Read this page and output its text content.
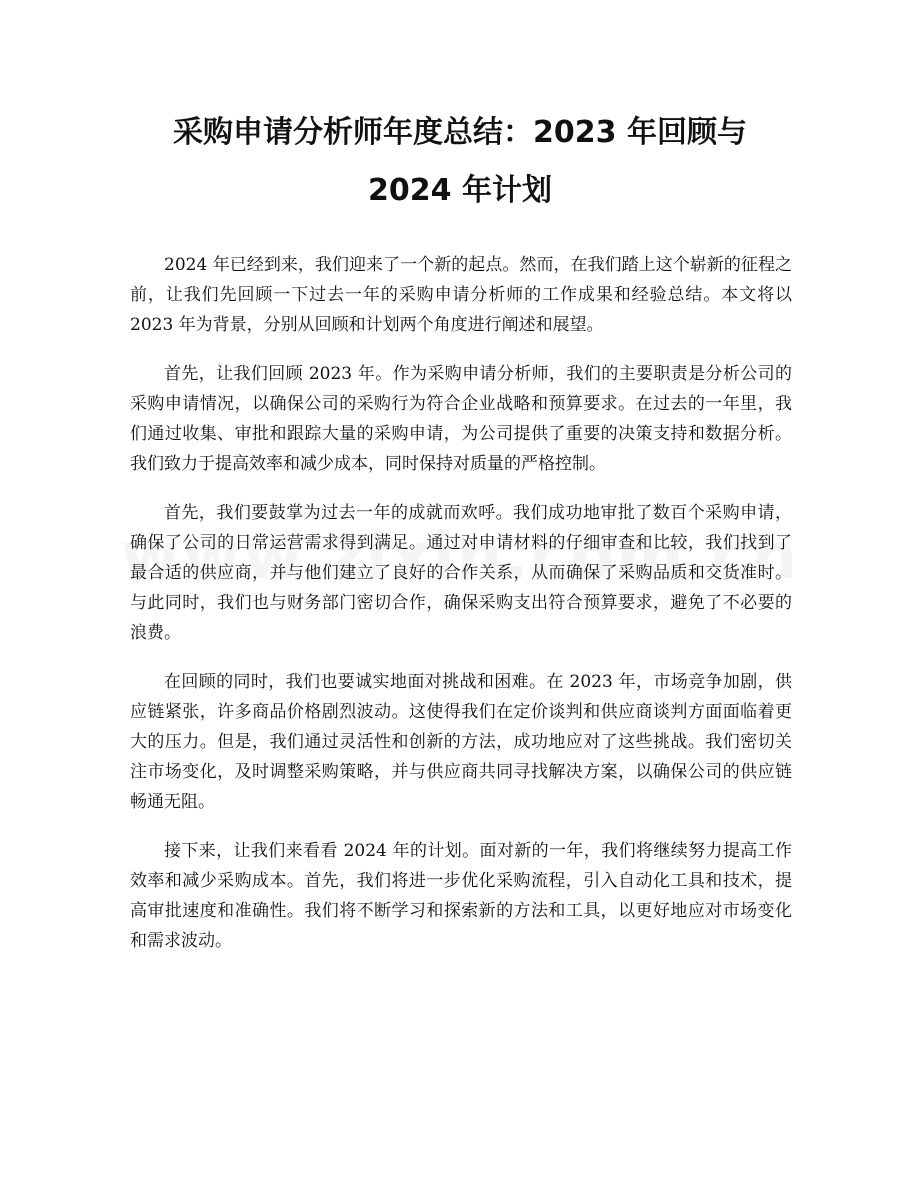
采购申请分析师年度总结：2023 年回顾与
2024 年计划

2024 年已经到来，我们迎来了一个新的起点。然而，在我们踏上这个崭新的征程之前，让我们先回顾一下过去一年的采购申请分析师的工作成果和经验总结。本文将以 2023 年为背景，分别从回顾和计划两个角度进行阐述和展望。

首先，让我们回顾 2023 年。作为采购申请分析师，我们的主要职责是分析公司的采购申请情况，以确保公司的采购行为符合企业战略和预算要求。在过去的一年里，我们通过收集、审批和跟踪大量的采购申请，为公司提供了重要的决策支持和数据分析。我们致力于提高效率和减少成本，同时保持对质量的严格控制。

首先，我们要鼓掌为过去一年的成就而欢呼。我们成功地审批了数百个采购申请，确保了公司的日常运营需求得到满足。通过对申请材料的仔细审查和比较，我们找到了最合适的供应商，并与他们建立了良好的合作关系，从而确保了采购品质和交货准时。与此同时，我们也与财务部门密切合作，确保采购支出符合预算要求，避免了不必要的浪费。

在回顾的同时，我们也要诚实地面对挑战和困难。在 2023 年，市场竞争加剧，供应链紧张，许多商品价格剧烈波动。这使得我们在定价谈判和供应商谈判方面面临着更大的压力。但是，我们通过灵活性和创新的方法，成功地应对了这些挑战。我们密切关注市场变化，及时调整采购策略，并与供应商共同寻找解决方案，以确保公司的供应链畅通无阻。

接下来，让我们来看看 2024 年的计划。面对新的一年，我们将继续努力提高工作效率和减少采购成本。首先，我们将进一步优化采购流程，引入自动化工具和技术，提高审批速度和准确性。我们将不断学习和探索新的方法和工具，以更好地应对市场变化和需求波动。
